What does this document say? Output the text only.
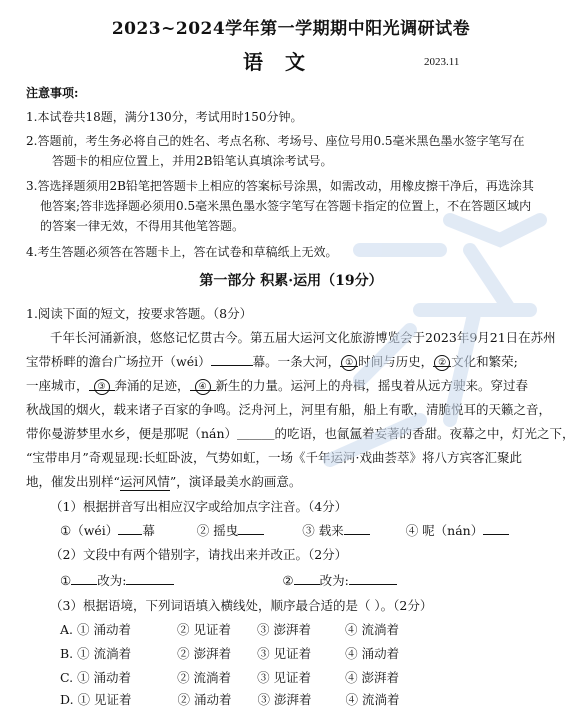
2023~2024学年第一学期期中阳光调研试卷
语文	2023.11
注意事项:
1.本试卷共18题，满分130分，考试用时150分钟。
2.答题前，考生务必将自己的姓名、考点名称、考场号、座位号用0.5毫米黑色墨水签字笔写在
答题卡的相应位置上，并用2B铅笔认真填涂考试号。
3.答选择题须用2B铅笔把答题卡上相应的答案标号涂黑，如需改动，用橡皮擦干净后，再选涂其
他答案;答非选择题必须用0.5毫米黑色墨水签字笔写在答题卡指定的位置上，不在答题区域内
的答案一律无效，不得用其他笔答题。
4.考生答题必须答在答题卡上，答在试卷和草稿纸上无效。
第一部分 积累·运用（19分）
1.阅读下面的短文，按要求答题。（8分）
千年长河涌新浪，悠悠记忆贯古今。第五届大运河文化旅游博览会于2023年9月21日在苏州
宝带桥畔的澹台广场拉开（wéi）	幕。一条大河， ① 时间与历史， ② 文化和繁荣;
一座城市， ③ 奔涌的足迹， ④ 新生的力量。运河上的舟楫，摇曳着从远方驶来。穿过春
秋战国的烟火，载来诸子百家的争鸣。泛舟河上，河里有船，船上有歌，清脆悦耳的天籁之音，
带你曼游梦里水乡，便是那呢（nán）＿＿＿的吃语，也氤氲着妄著的香甜。夜幕之中，灯光之下，
“宝带串月”奇观显现:长虹卧波，气势如虹，一场《千年运河·戏曲荟萃》将八方宾客汇聚此
地，催发出别样“运河风情”，演译最美水韵画意。
（1）根据拼音写出相应汉字或给加点字注音。（4分）
①（wéi） 幕	② 摇曳	③ 载来	④ 呢（nán）
（2）文段中有两个错别字，请找出来并改正。（2分）
① 改为:	② 改为:
（3）根据语境，下列词语填入横线处，顺序最合适的是（ ）。（2分）
A. ① 涌动着	② 见证着 ③ 澎湃着	④ 流淌着
B. ① 流淌着	② 澎湃着 ③ 见证着	④ 涌动着
C. ① 涌动着	② 流淌着 ③ 见证着	④ 澎湃着
D. ① 见证着	② 涌动着 ③ 澎湃着	④ 流淌着
